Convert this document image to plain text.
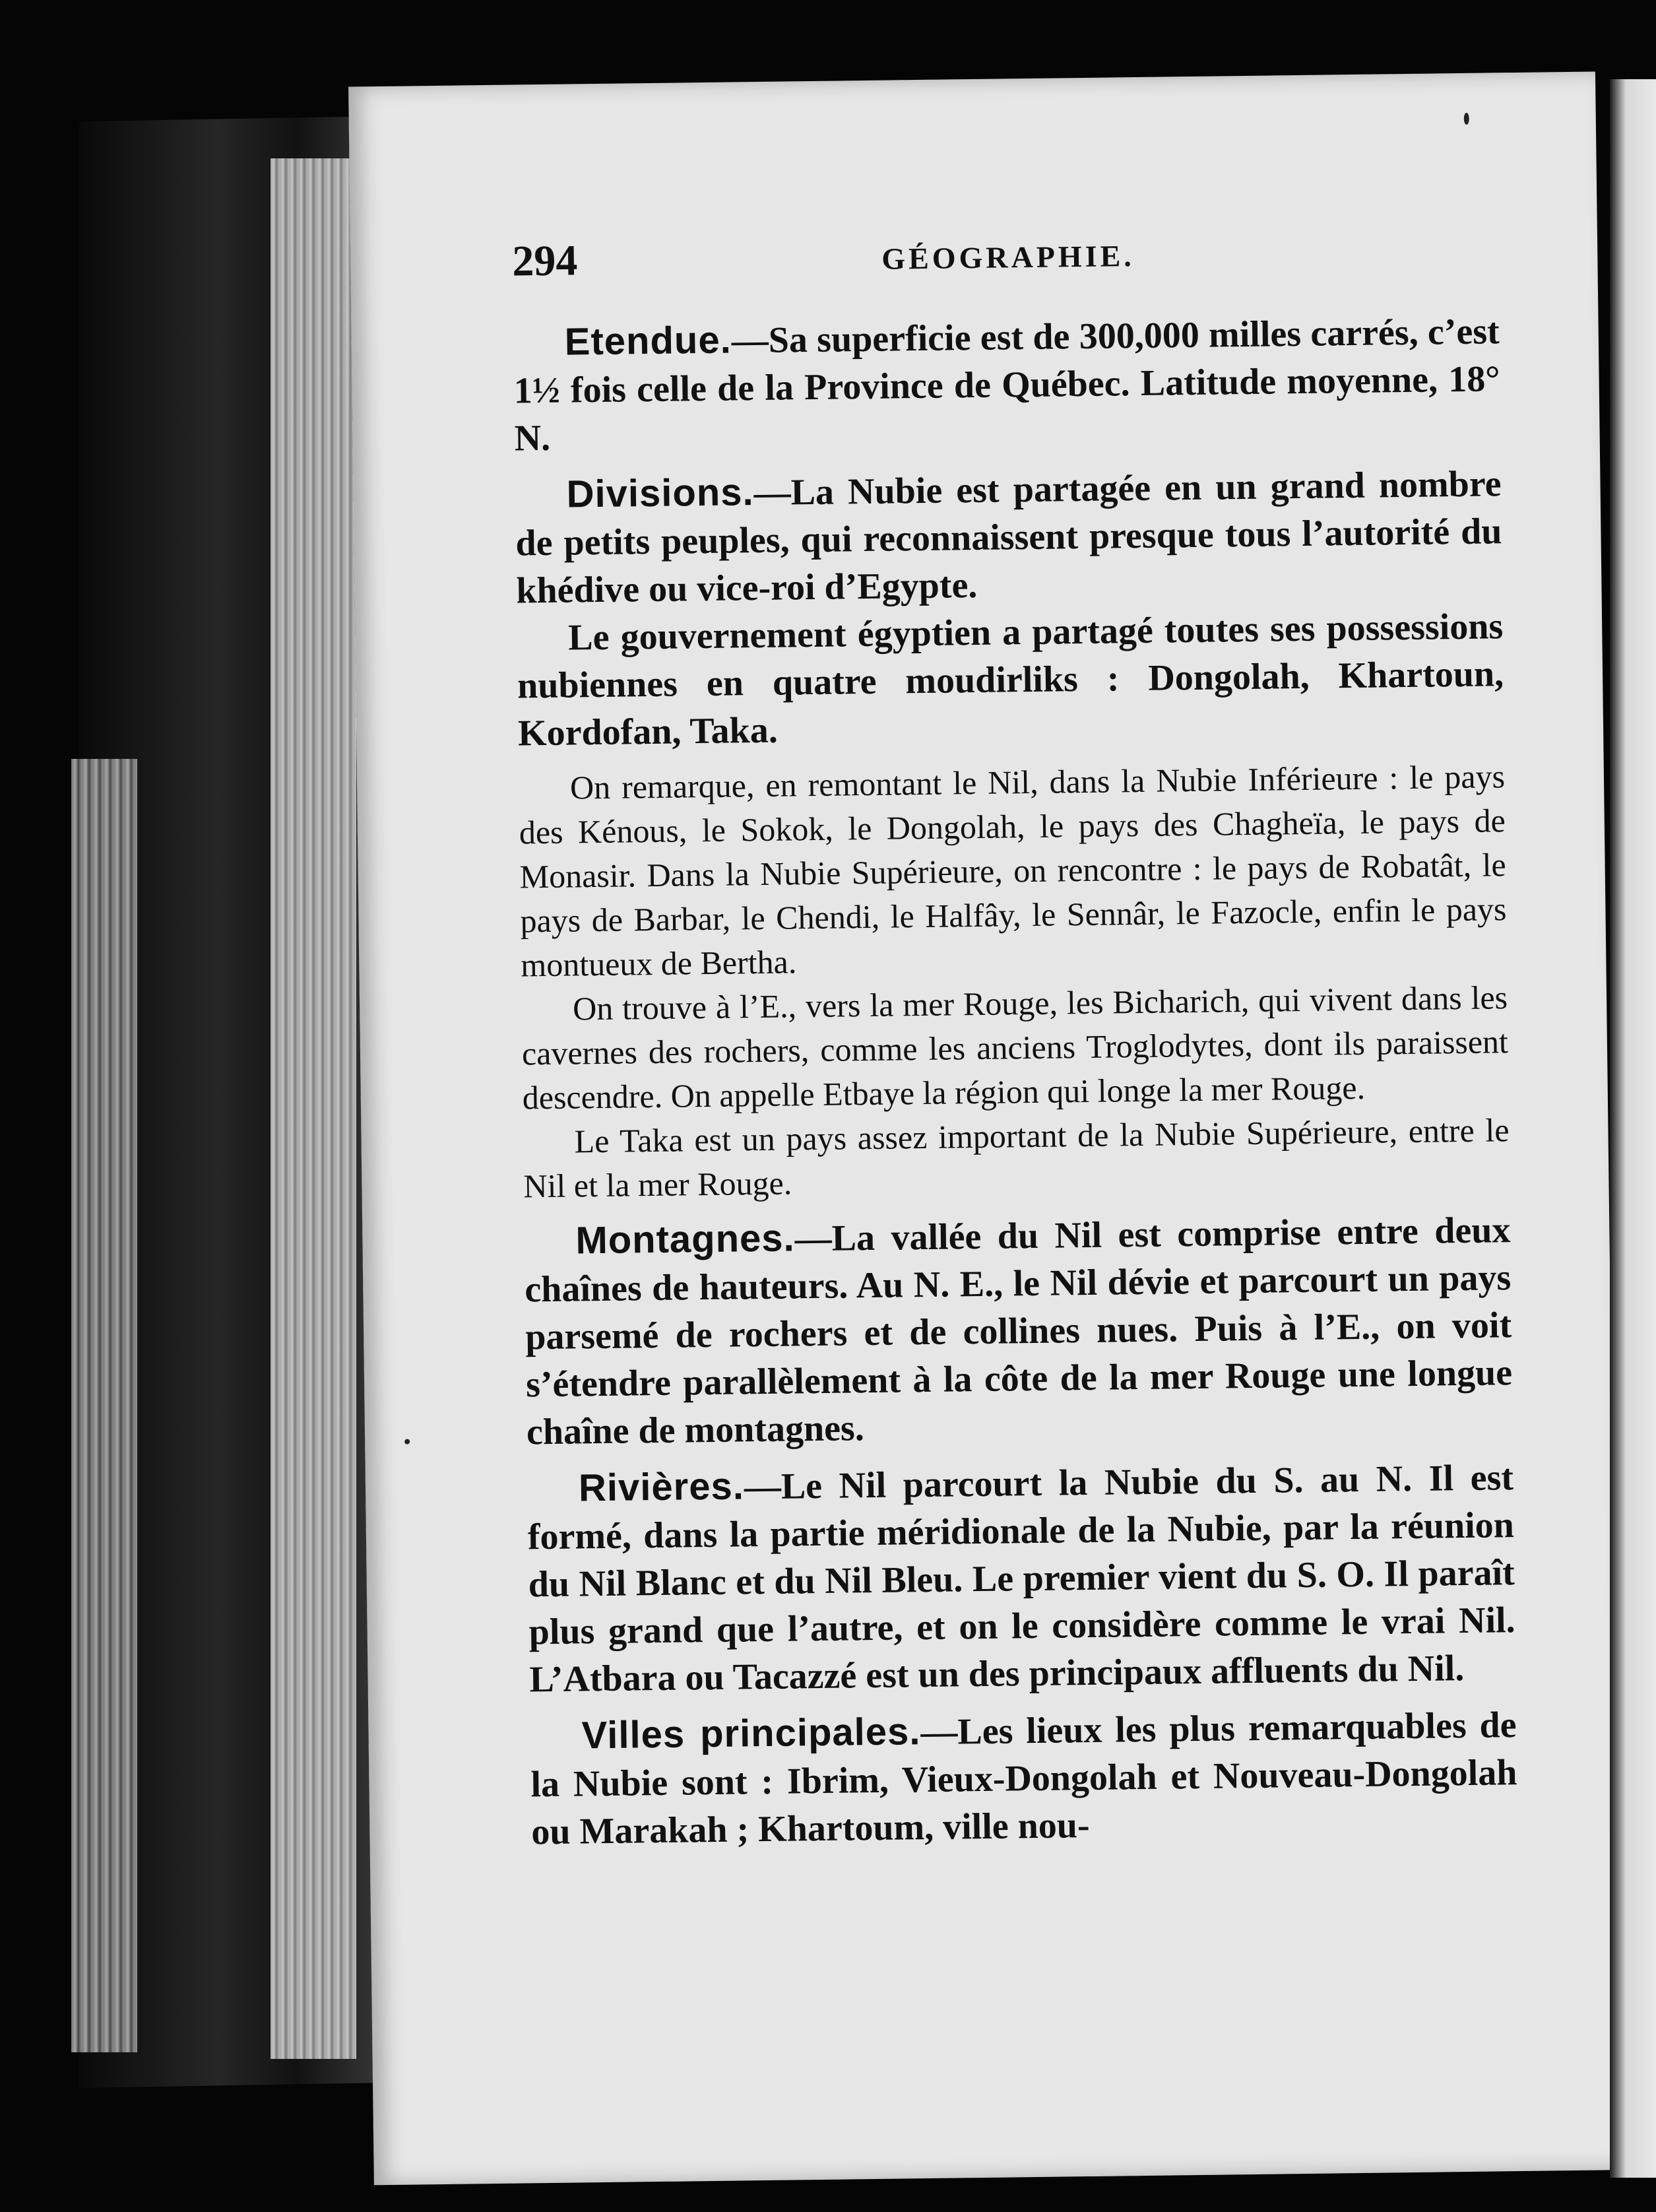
294	GÉOGRAPHIE.

Etendue.—Sa superficie est de 300,000 milles carrés, c’est 1½ fois celle de la Province de Québec. Latitude moyenne, 18° N.

Divisions.—La Nubie est partagée en un grand nombre de petits peuples, qui reconnaissent presque tous l’autorité du khédive ou vice-roi d’Egypte.

Le gouvernement égyptien a partagé toutes ses possessions nubiennes en quatre moudirliks : Dongolah, Khartoun, Kordofan, Taka.

On remarque, en remontant le Nil, dans la Nubie Inférieure : le pays des Kénous, le Sokok, le Dongolah, le pays des Chagheïa, le pays de Monasir. Dans la Nubie Supérieure, on rencontre : le pays de Robatât, le pays de Barbar, le Chendi, le Halfây, le Sennâr, le Fazocle, enfin le pays montueux de Bertha.

On trouve à l’E., vers la mer Rouge, les Bicharich, qui vivent dans les cavernes des rochers, comme les anciens Troglodytes, dont ils paraissent descendre. On appelle Etbaye la région qui longe la mer Rouge.

Le Taka est un pays assez important de la Nubie Supérieure, entre le Nil et la mer Rouge.

Montagnes.—La vallée du Nil est comprise entre deux chaînes de hauteurs. Au N. E., le Nil dévie et parcourt un pays parsemé de rochers et de collines nues. Puis à l’E., on voit s’étendre parallèlement à la côte de la mer Rouge une longue chaîne de montagnes.

Rivières.—Le Nil parcourt la Nubie du S. au N. Il est formé, dans la partie méridionale de la Nubie, par la réunion du Nil Blanc et du Nil Bleu. Le premier vient du S. O. Il paraît plus grand que l’autre, et on le considère comme le vrai Nil. L’Atbara ou Tacazzé est un des principaux affluents du Nil.

Villes principales.—Les lieux les plus remarquables de la Nubie sont : Ibrim, Vieux-Dongolah et Nouveau-Dongolah ou Marakah ; Khartoum, ville nou-
